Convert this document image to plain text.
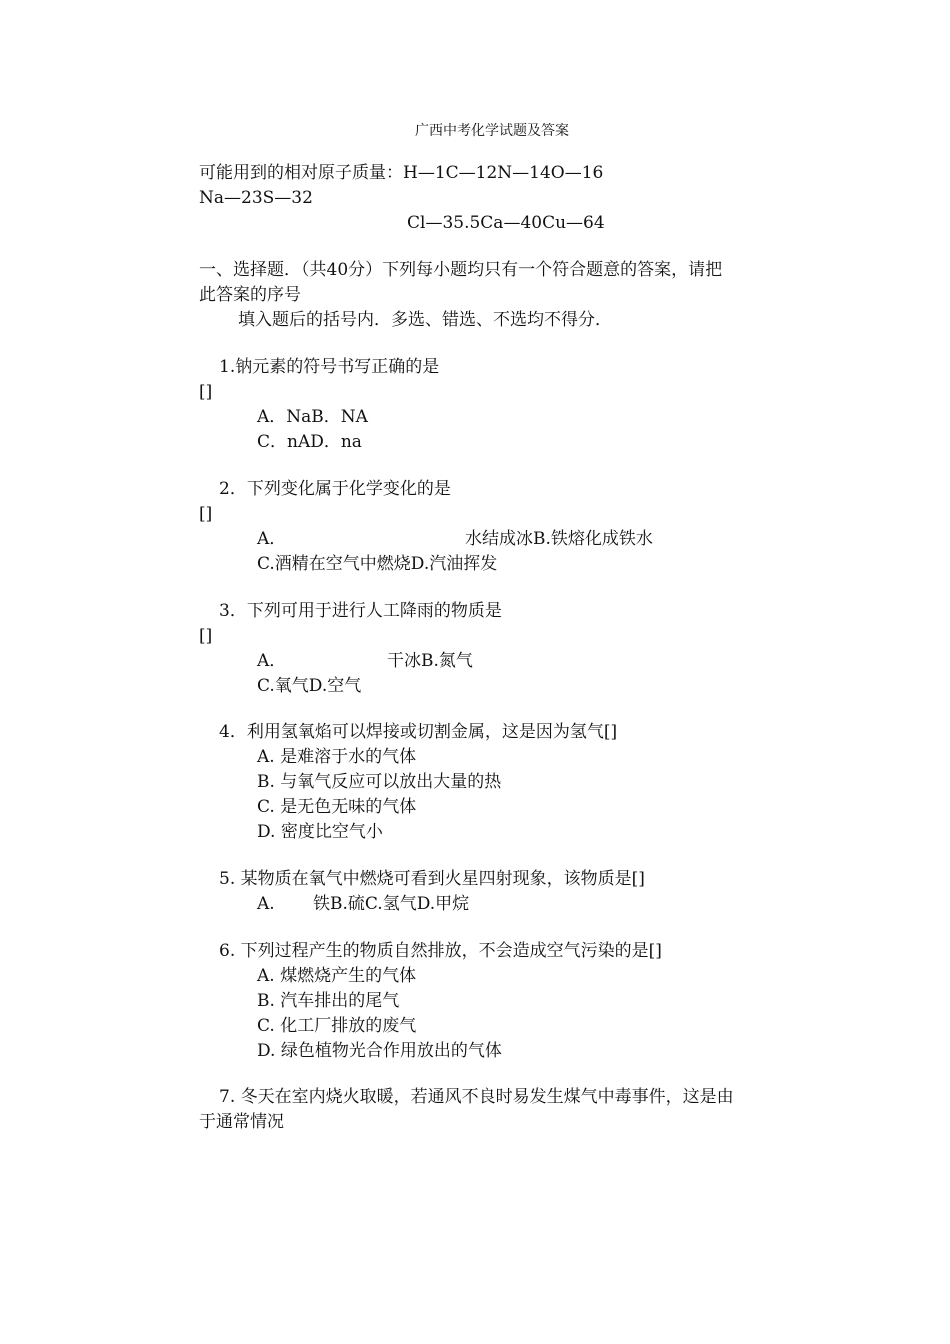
广西中考化学试题及答案
可能用到的相对原子质量：H—1C—12N—14O—16
Na—23S—32
Cl—35.5Ca—40Cu—64
一、选择题．（共40分）下列每小题均只有一个符合题意的答案，请把
此答案的序号
填入题后的括号内．多选、错选、不选均不得分．
1.钠元素的符号书写正确的是
[]
A．NaB．NA
C．nAD．na
2．下列变化属于化学变化的是
[]
A．	水结成冰B.铁熔化成铁水
C.酒精在空气中燃烧D.汽油挥发
3．下列可用于进行人工降雨的物质是
[]
A．	干冰B.氮气
C.氧气D.空气
4．利用氢氧焰可以焊接或切割金属，这是因为氢气[]
A. 是难溶于水的气体
B. 与氧气反应可以放出大量的热
C. 是无色无味的气体
D. 密度比空气小
5. 某物质在氧气中燃烧可看到火星四射现象，该物质是[]
A. 铁B.硫C.氢气D.甲烷
6. 下列过程产生的物质自然排放，不会造成空气污染的是[]
A. 煤燃烧产生的气体
B. 汽车排出的尾气
C. 化工厂排放的废气
D. 绿色植物光合作用放出的气体
7. 冬天在室内烧火取暖，若通风不良时易发生煤气中毒事件，这是由
于通常情况
